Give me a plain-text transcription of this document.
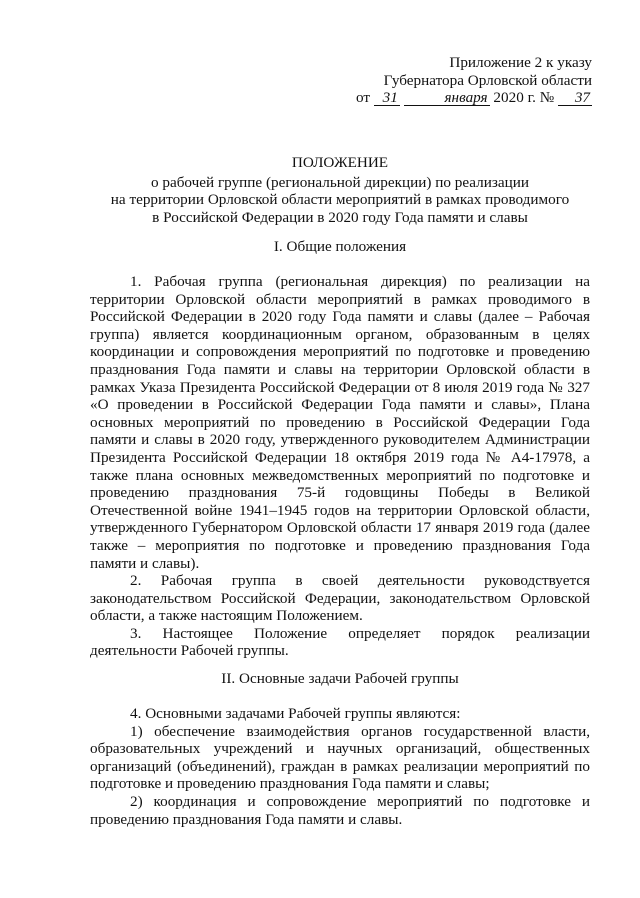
Приложение 2 к указу
Губернатора Орловской области
от 31	января 2020 г. № 37
ПОЛОЖЕНИЕ
о рабочей группе (региональной дирекции) по реализации
на территории Орловской области мероприятий в рамках проводимого
в Российской Федерации в 2020 году Года памяти и славы
I. Общие положения

1. Рабочая группа (региональная дирекция) по реализации на территории Орловской области мероприятий в рамках проводимого в Российской Федерации в 2020 году Года памяти и славы (далее – Рабочая группа) является координационным органом, образованным в целях координации и сопровождения мероприятий по подготовке и проведению празднования Года памяти и славы на территории Орловской области в рамках Указа Президента Российской Федерации от 8 июля 2019 года № 327 «О проведении в Российской Федерации Года памяти и славы», Плана основных мероприятий по проведению в Российской Федерации Года памяти и славы в 2020 году, утвержденного руководителем Администрации Президента Российской Федерации 18 октября 2019 года № А4-17978, а также плана основных межведомственных мероприятий по подготовке и проведению празднования 75-й годовщины Победы в Великой Отечественной войне 1941–1945 годов на территории Орловской области, утвержденного Губернатором Орловской области 17 января 2019 года (далее также – мероприятия по подготовке и проведению празднования Года памяти и славы).

2. Рабочая группа в своей деятельности руководствуется законодательством Российской Федерации, законодательством Орловской области, а также настоящим Положением.

3. Настоящее Положение определяет порядок реализации деятельности Рабочей группы.

II. Основные задачи Рабочей группы

4. Основными задачами Рабочей группы являются:

1) обеспечение взаимодействия органов государственной власти, образовательных учреждений и научных организаций, общественных организаций (объединений), граждан в рамках реализации мероприятий по подготовке и проведению празднования Года памяти и славы;

2) координация и сопровождение мероприятий по подготовке и проведению празднования Года памяти и славы.
